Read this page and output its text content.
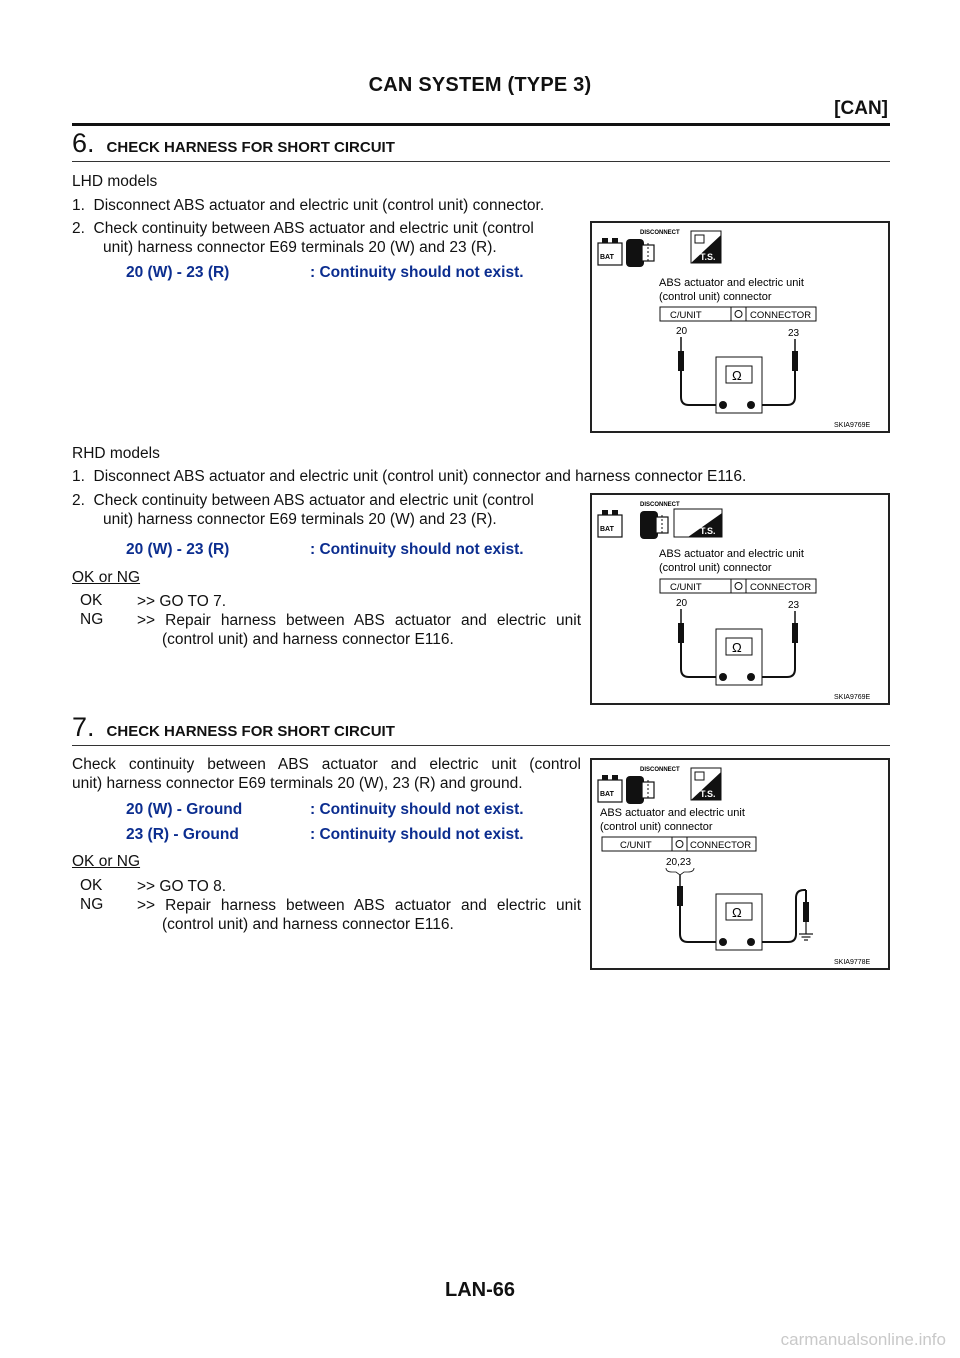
CAN SYSTEM (TYPE 3)
[CAN]
6 . CHECK HARNESS FOR SHORT CIRCUIT
LHD models
1.  Disconnect ABS actuator and electric unit (control unit) connector.
2.  Check continuity between ABS actuator and electric unit (control
unit) harness connector E69 terminals 20 (W) and 23 (R).
20 (W) - 23 (R)	: Continuity should not exist.
DISCONNECT
BAT	T.S.
ABS actuator and electric unit
(control unit) connector
C/UNIT	CONNECTOR
20	23
Ω
SKIA9769E
RHD models
1.  Disconnect ABS actuator and electric unit (control unit) connector and harness connector E116.
2.  Check continuity between ABS actuator and electric unit (control
unit) harness connector E69 terminals 20 (W) and 23 (R).
20 (W) - 23 (R)	: Continuity should not exist.
OK or NG
OK >> GO TO 7.
NG >> Repair harness between ABS actuator and electric unit
(control unit) and harness connector E116.
DISCONNECT
BAT	T.S.
ABS actuator and electric unit
(control unit) connector
C/UNIT	CONNECTOR
20	23
Ω
SKIA9769E
7 . CHECK HARNESS FOR SHORT CIRCUIT
Check continuity between ABS actuator and electric unit (control
unit) harness connector E69 terminals 20 (W), 23 (R) and ground.
20 (W) - Ground	: Continuity should not exist.
23 (R) - Ground	: Continuity should not exist.
OK or NG
OK >> GO TO 8.
NG >> Repair harness between ABS actuator and electric unit
(control unit) and harness connector E116.
DISCONNECT
BAT	T.S.
ABS actuator and electric unit
(control unit) connector
C/UNIT	CONNECTOR
20,23
Ω
SKIA9778E
LAN-66
carmanualsonline.info
